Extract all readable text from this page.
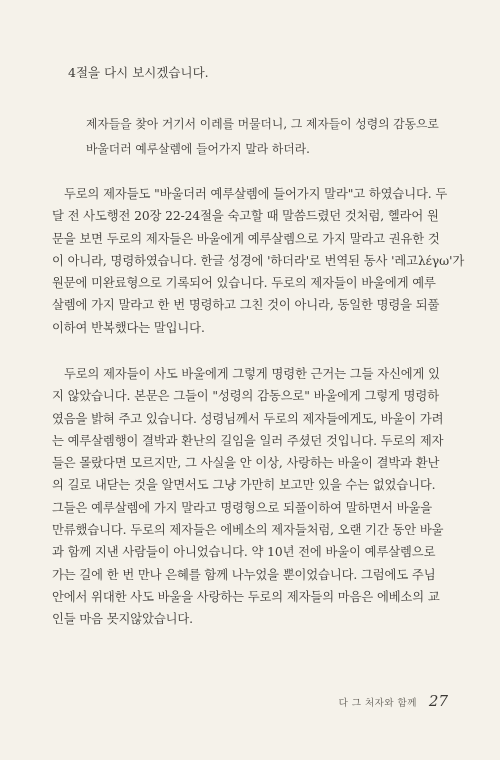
4절을 다시 보시겠습니다.

제자들을 찾아 거기서 이레를 머물더니, 그 제자들이 성령의 감동으로
바울더러 예루살렘에 들어가지 말라 하더라.
두로의 제자들도 "바울더러 예루살렘에 들어가지 말라"고 하였습니다. 두
달 전 사도행전 20장 22-24절을 숙고할 때 말씀드렸던 것처럼, 헬라어 원
문을 보면 두로의 제자들은 바울에게 예루살렘으로 가지 말라고 권유한 것
이 아니라, 명령하였습니다. 한글 성경에 '하더라'로 번역된 동사 '레고λέγω'가
원문에 미완료형으로 기록되어 있습니다. 두로의 제자들이 바울에게 예루
살렘에 가지 말라고 한 번 명령하고 그친 것이 아니라, 동일한 명령을 되풀
이하여 반복했다는 말입니다.
두로의 제자들이 사도 바울에게 그렇게 명령한 근거는 그들 자신에게 있
지 않았습니다. 본문은 그들이 "성령의 감동으로" 바울에게 그렇게 명령하
였음을 밝혀 주고 있습니다. 성령님께서 두로의 제자들에게도, 바울이 가려
는 예루살렘행이 결박과 환난의 길임을 일러 주셨던 것입니다. 두로의 제자
들은 몰랐다면 모르지만, 그 사실을 안 이상, 사랑하는 바울이 결박과 환난
의 길로 내닫는 것을 알면서도 그냥 가만히 보고만 있을 수는 없었습니다.
그들은 예루살렘에 가지 말라고 명령형으로 되풀이하여 말하면서 바울을
만류했습니다. 두로의 제자들은 에베소의 제자들처럼, 오랜 기간 동안 바울
과 함께 지낸 사람들이 아니었습니다. 약 10년 전에 바울이 예루살렘으로
가는 길에 한 번 만나 은혜를 함께 나누었을 뿐이었습니다. 그럼에도 주님
안에서 위대한 사도 바울을 사랑하는 두로의 제자들의 마음은 에베소의 교
인들 마음 못지않았습니다.
다 그 처자와 함께 27
